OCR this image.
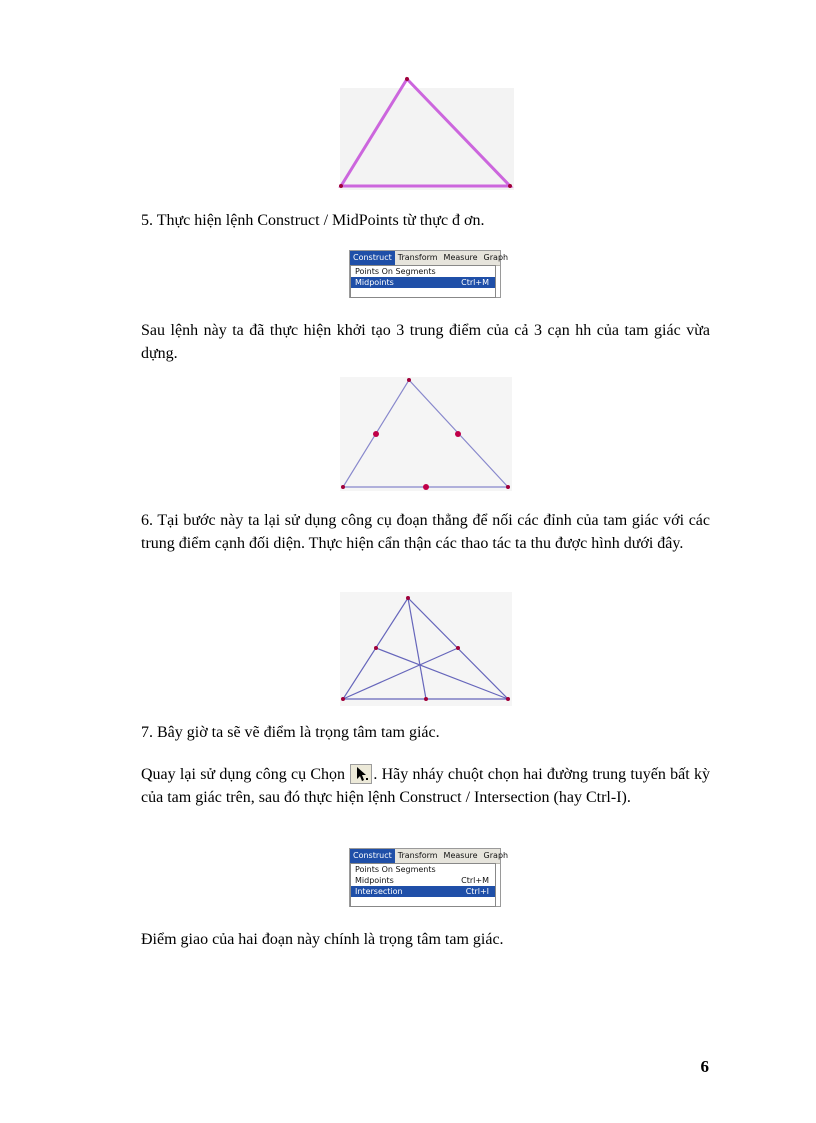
5. Thực hiện lệnh Construct / MidPoints từ thực đ ơn.

Construct Transform Measure Graph
Points On Segments
Midpoints	Ctrl+M

Sau lệnh này ta đã thực hiện khởi tạo 3 trung điểm của cả 3 cạn hh của tam giác vừa dựng.

6. Tại bước này ta lại sử dụng công cụ đoạn thẳng để nối các đỉnh của tam giác với các trung điểm cạnh đối diện. Thực hiện cẩn thận các thao tác ta thu được hình dưới đây.

7. Bây giờ ta sẽ vẽ điểm là trọng tâm tam giác.

Quay lại sử dụng công cụ Chọn . Hãy nháy chuột chọn hai đường trung tuyến bất kỳ của tam giác trên, sau đó thực hiện lệnh Construct / Intersection (hay Ctrl-I).

Construct Transform Measure Graph
Points On Segments
Midpoints	Ctrl+M
Intersection	Ctrl+I

Điểm giao của hai đoạn này chính là trọng tâm tam giác.

6
